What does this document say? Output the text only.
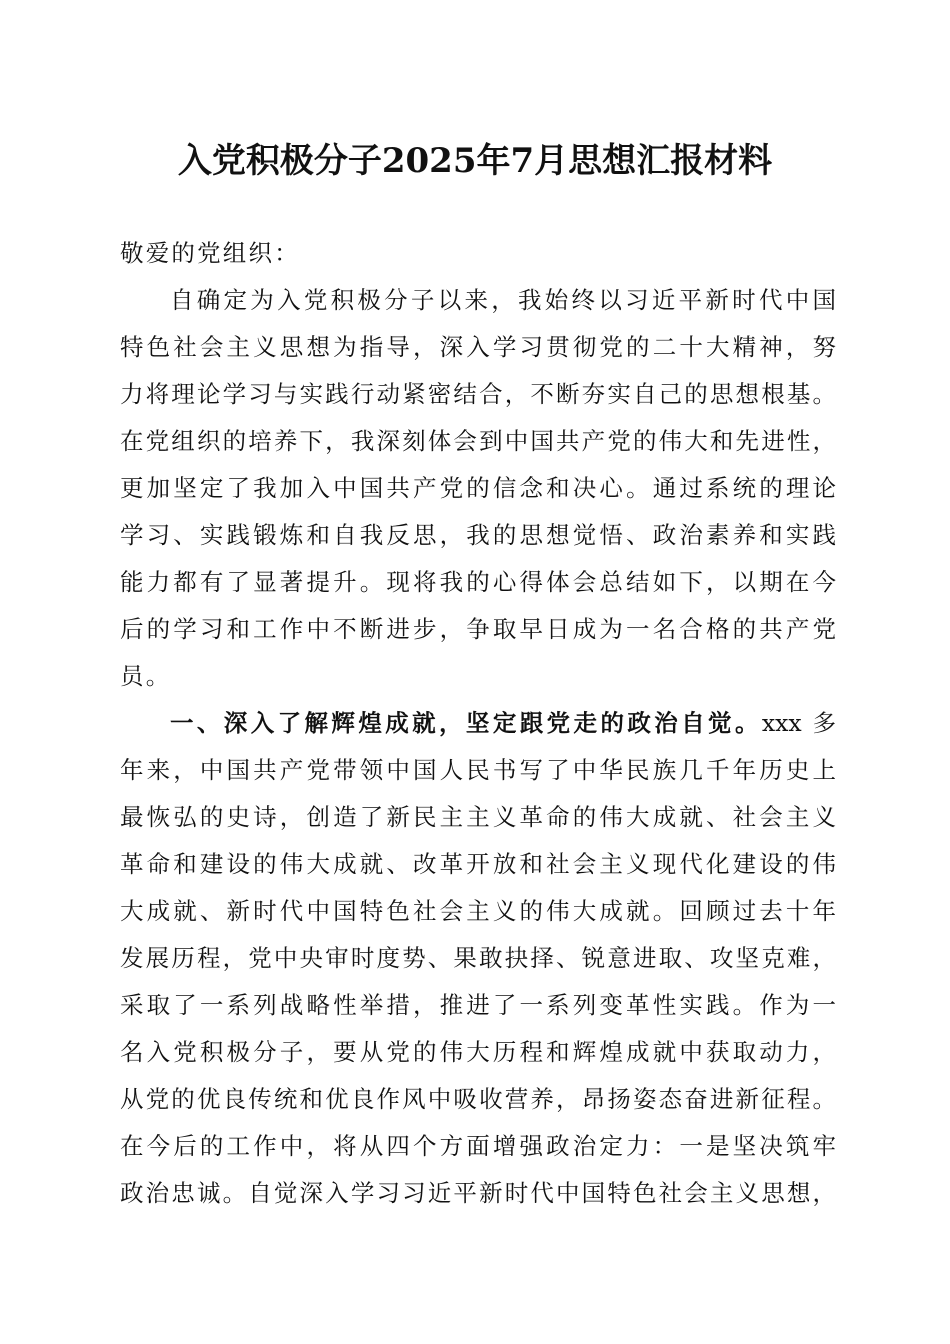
入党积极分子2025年7月思想汇报材料
敬爱的党组织：
自确定为入党积极分子以来，我始终以习近平新时代中国
特色社会主义思想为指导，深入学习贯彻党的二十大精神，努
力将理论学习与实践行动紧密结合，不断夯实自己的思想根基。
在党组织的培养下，我深刻体会到中国共产党的伟大和先进性，
更加坚定了我加入中国共产党的信念和决心。通过系统的理论
学习、实践锻炼和自我反思，我的思想觉悟、政治素养和实践
能力都有了显著提升。现将我的心得体会总结如下，以期在今
后的学习和工作中不断进步，争取早日成为一名合格的共产党
员。
一、深入了解辉煌成就，坚定跟党走的政治自觉。xxx 多
年来，中国共产党带领中国人民书写了中华民族几千年历史上
最恢弘的史诗，创造了新民主主义革命的伟大成就、社会主义
革命和建设的伟大成就、改革开放和社会主义现代化建设的伟
大成就、新时代中国特色社会主义的伟大成就。回顾过去十年
发展历程，党中央审时度势、果敢抉择、锐意进取、攻坚克难，
采取了一系列战略性举措，推进了一系列变革性实践。作为一
名入党积极分子，要从党的伟大历程和辉煌成就中获取动力，
从党的优良传统和优良作风中吸收营养，昂扬姿态奋进新征程。
在今后的工作中，将从四个方面增强政治定力：一是坚决筑牢
政治忠诚。自觉深入学习习近平新时代中国特色社会主义思想，
